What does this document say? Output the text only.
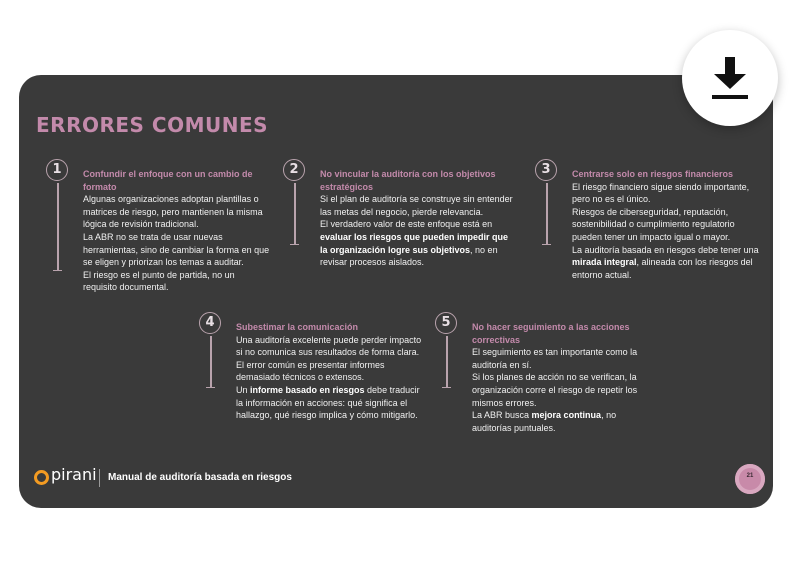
ERRORES COMUNES
1	Confundir el enfoque con un cambio de formato

Algunas organizaciones adoptan plantillas o matrices de riesgo, pero mantienen la misma lógica de revisión tradicional.

La ABR no se trata de usar nuevas herramientas, sino de cambiar la forma en que se eligen y priorizan los temas a auditar.

El riesgo es el punto de partida, no un requisito documental.

2	No vincular la auditoría con los objetivos estratégicos

Si el plan de auditoría se construye sin entender las metas del negocio, pierde relevancia.

El verdadero valor de este enfoque está en evaluar los riesgos que pueden impedir que la organización logre sus objetivos, no en revisar procesos aislados.

3	Centrarse solo en riesgos financieros

El riesgo financiero sigue siendo importante, pero no es el único.

Riesgos de ciberseguridad, reputación, sostenibilidad o cumplimiento regulatorio pueden tener un impacto igual o mayor.

La auditoría basada en riesgos debe tener una mirada integral, alineada con los riesgos del entorno actual.

4	Subestimar la comunicación

Una auditoría excelente puede perder impacto si no comunica sus resultados de forma clara.

El error común es presentar informes demasiado técnicos o extensos.

Un informe basado en riesgos debe traducir la información en acciones: qué significa el hallazgo, qué riesgo implica y cómo mitigarlo.

5	No hacer seguimiento a las acciones correctivas

El seguimiento es tan importante como la auditoría en sí.

Si los planes de acción no se verifican, la organización corre el riesgo de repetir los mismos errores.

La ABR busca mejora continua, no auditorías puntuales.

pirani Manual de auditoría basada en riesgos	21
